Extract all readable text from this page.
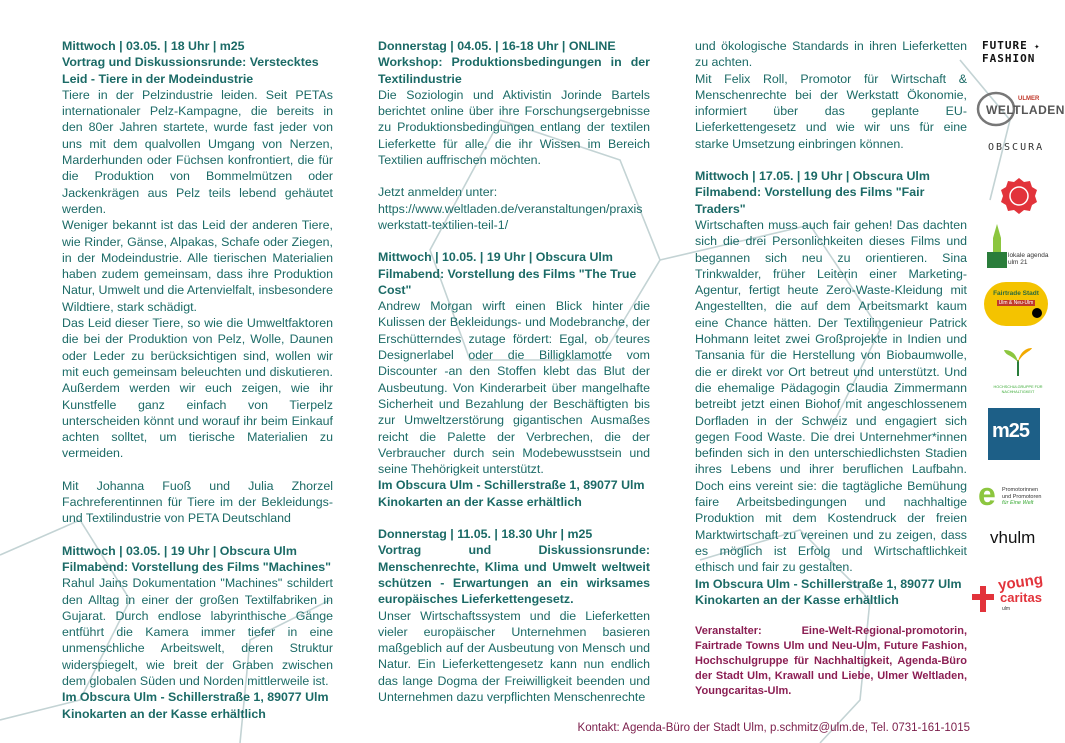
Mittwoch | 03.05. | 18 Uhr | m25

Vortrag und Diskussionsrunde: Verstecktes Leid - Tiere in der Modeindustrie

Tiere in der Pelzindustrie leiden. Seit PETAs internationaler Pelz-Kampagne, die bereits in den 80er Jahren startete, wurde fast jeder von uns mit dem qualvollen Umgang von Nerzen, Marderhunden oder Füchsen konfrontiert, die für die Produktion von Bommelmützen oder Jackenkrägen aus Pelz teils lebend gehäutet werden.

Weniger bekannt ist das Leid der anderen Tiere, wie Rinder, Gänse, Alpakas, Schafe oder Ziegen, in der Modeindustrie. Alle tierischen Materialien haben zudem gemeinsam, dass ihre Produktion Natur, Umwelt und die Artenvielfalt, insbesondere Wildtiere, stark schädigt.

Das Leid dieser Tiere, so wie die Umweltfaktoren die bei der Produktion von Pelz, Wolle, Daunen oder Leder zu berücksichtigen sind, wollen wir mit euch gemeinsam beleuchten und diskutieren. Außerdem werden wir euch zeigen, wie ihr Kunstfelle ganz einfach von Tierpelz unterscheiden könnt und worauf ihr beim Einkauf achten solltet, um tierische Materialien zu vermeiden.

Mit Johanna Fuoß und Julia Zhorzel Fachreferentinnen für Tiere im der Bekleidungs- und Textilindustrie von PETA Deutschland

Mittwoch | 03.05. | 19 Uhr | Obscura Ulm

Filmabend: Vorstellung des Films "Machines"

Rahul Jains Dokumentation "Machines" schildert den Alltag in einer der großen Textilfabriken in Gujarat. Durch endlose labyrinthische Gänge entführt die Kamera immer tiefer in eine unmenschliche Arbeitswelt, deren Struktur widerspiegelt, wie breit der Graben zwischen dem globalen Süden und Norden mittlerweile ist.

Im Obscura Ulm - Schillerstraße 1, 89077 Ulm

Kinokarten an der Kasse erhältlich

Donnerstag | 04.05. | 16-18 Uhr | ONLINE

Workshop: Produktionsbedingungen in der Textilindustrie

Die Soziologin und Aktivistin Jorinde Bartels berichtet online über ihre Forschungsergebnisse zu Produktionsbedingungen entlang der textilen Lieferkette für alle, die ihr Wissen im Bereich Textilien auffrischen möchten.

Jetzt anmelden unter:

https://www.weltladen.de/veranstaltungen/praxis

werkstatt-textilien-teil-1/

Mittwoch | 10.05. | 19 Uhr | Obscura Ulm

Filmabend: Vorstellung des Films "The True Cost"

Andrew Morgan wirft einen Blick hinter die Kulissen der Bekleidungs- und Modebranche, der Erschütterndes zutage fördert: Egal, ob teures Designerlabel oder die Billigklamotte vom Discounter -an den Stoffen klebt das Blut der Ausbeutung. Von Kinderarbeit über mangelhafte Sicherheit und Bezahlung der Beschäftigten bis zur Umweltzerstörung gigantischen Ausmaßes reicht die Palette der Verbrechen, die der Verbraucher durch sein Modebewusstsein und seine Thehörigkeit unterstützt.

Im Obscura Ulm - Schillerstraße 1, 89077 Ulm

Kinokarten an der Kasse erhältlich

Donnerstag | 11.05. | 18.30 Uhr | m25

Vortrag und Diskussionsrunde: Menschenrechte, Klima und Umwelt weltweit schützen - Erwartungen an ein wirksames europäisches Lieferkettengesetz.

Unser Wirtschaftssystem und die Lieferketten vieler europäischer Unternehmen basieren maßgeblich auf der Ausbeutung von Mensch und Natur. Ein Lieferkettengesetz kann nun endlich das lange Dogma der Freiwilligkeit beenden und Unternehmen dazu verpflichten Menschenrechte

und ökologische Standards in ihren Lieferketten zu achten.

Mit Felix Roll, Promotor für Wirtschaft & Menschenrechte bei der Werkstatt Ökonomie, informiert über das geplante EU-Lieferkettengesetz und wie wir uns für eine starke Umsetzung einbringen können.

Mittwoch | 17.05. | 19 Uhr | Obscura Ulm

Filmabend: Vorstellung des Films "Fair Traders"

Wirtschaften muss auch fair gehen! Das dachten sich die drei Personlichkeiten dieses Films und begannen sich neu zu orientieren. Sina Trinkwalder, früher Leiterin einer Marketing-Agentur, fertigt heute Zero-Waste-Kleidung mit Angestellten, die auf dem Arbeitsmarkt kaum eine Chance hätten. Der Textilingenieur Patrick Hohmann leitet zwei Großprojekte in Indien und Tansania für die Herstellung von Biobaumwolle, die er direkt vor Ort betreut und unterstützt. Und die ehemalige Pädagogin Claudia Zimmermann betreibt jetzt einen Biohof mit angeschlossenem Dorfladen in der Schweiz und engagiert sich gegen Food Waste. Die drei Unternehmer*innen befinden sich in den unterschiedlichsten Stadien ihres Lebens und ihrer beruflichen Laufbahn. Doch eins vereint sie: die tagtägliche Bemühung faire Arbeitsbedingungen und nachhaltige Produktion mit dem Kostendruck der freien Marktwirtschaft zu vereinen und zu zeigen, dass es möglich ist Erfolg und Wirtschaftlichkeit ethisch und fair zu gestalten.

Im Obscura Ulm - Schillerstraße 1, 89077 Ulm

Kinokarten an der Kasse erhältlich

Veranstalter: Eine-Welt-Regional-promotorin, Fairtrade Towns Ulm und Neu-Ulm, Future Fashion, Hochschulgruppe für Nachhaltigkeit, Agenda-Büro der Stadt Ulm, Krawall und Liebe, Ulmer Weltladen, Youngcaritas-Ulm.

Kontakt: Agenda-Büro der Stadt Ulm, p.schmitz@ulm.de, Tel. 0731-161-1015
FUTURE ✦
FASHION
ULMER
WELTLADEN
OBSCURA
lokale agenda
ulm 21
Fairtrade Stadt
Ulm & Neu-Ulm
HOCHSCHULGRUPPE FÜR NACHHALTIGKEIT
m25
e Promotorinnen
und Promotoren
für Eine Welt
vhulm
young
caritas
ulm
